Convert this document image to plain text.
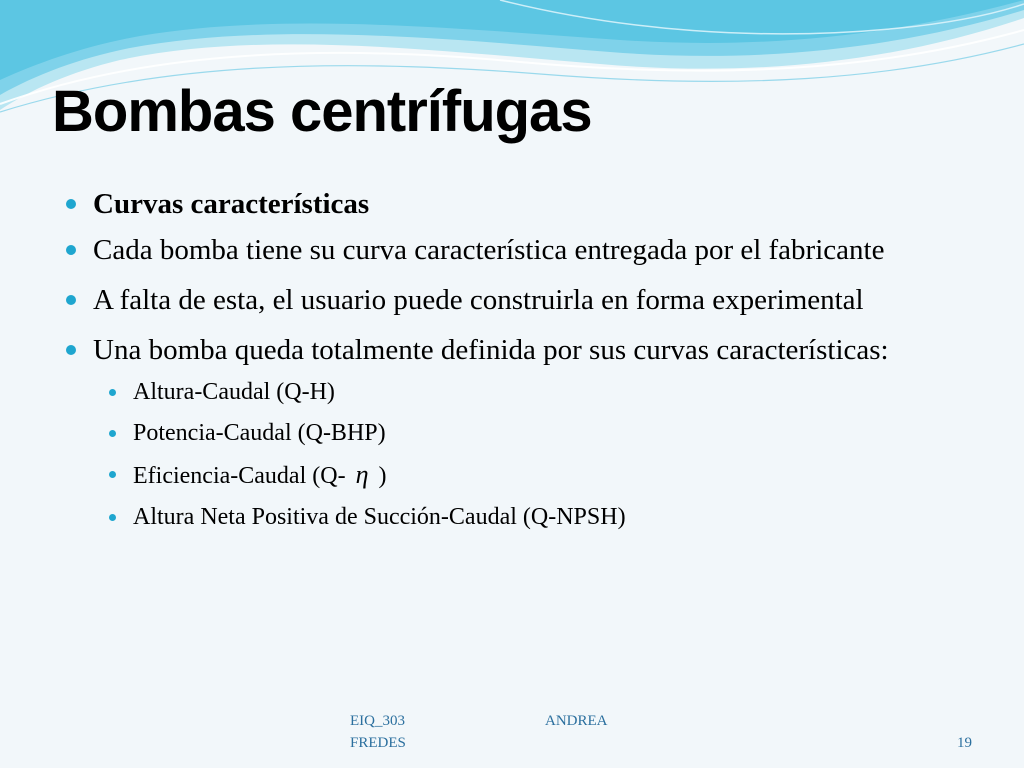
Bombas centrífugas
Curvas características
Cada bomba tiene su curva característica entregada por el fabricante
A falta de esta, el usuario puede construirla en forma experimental
Una bomba queda totalmente definida por sus curvas características:
Altura-Caudal (Q-H)
Potencia-Caudal (Q-BHP)
Eficiencia-Caudal (Q- η )
Altura Neta Positiva de Succión-Caudal (Q-NPSH)
EIQ_303	ANDREA
FREDES	19
